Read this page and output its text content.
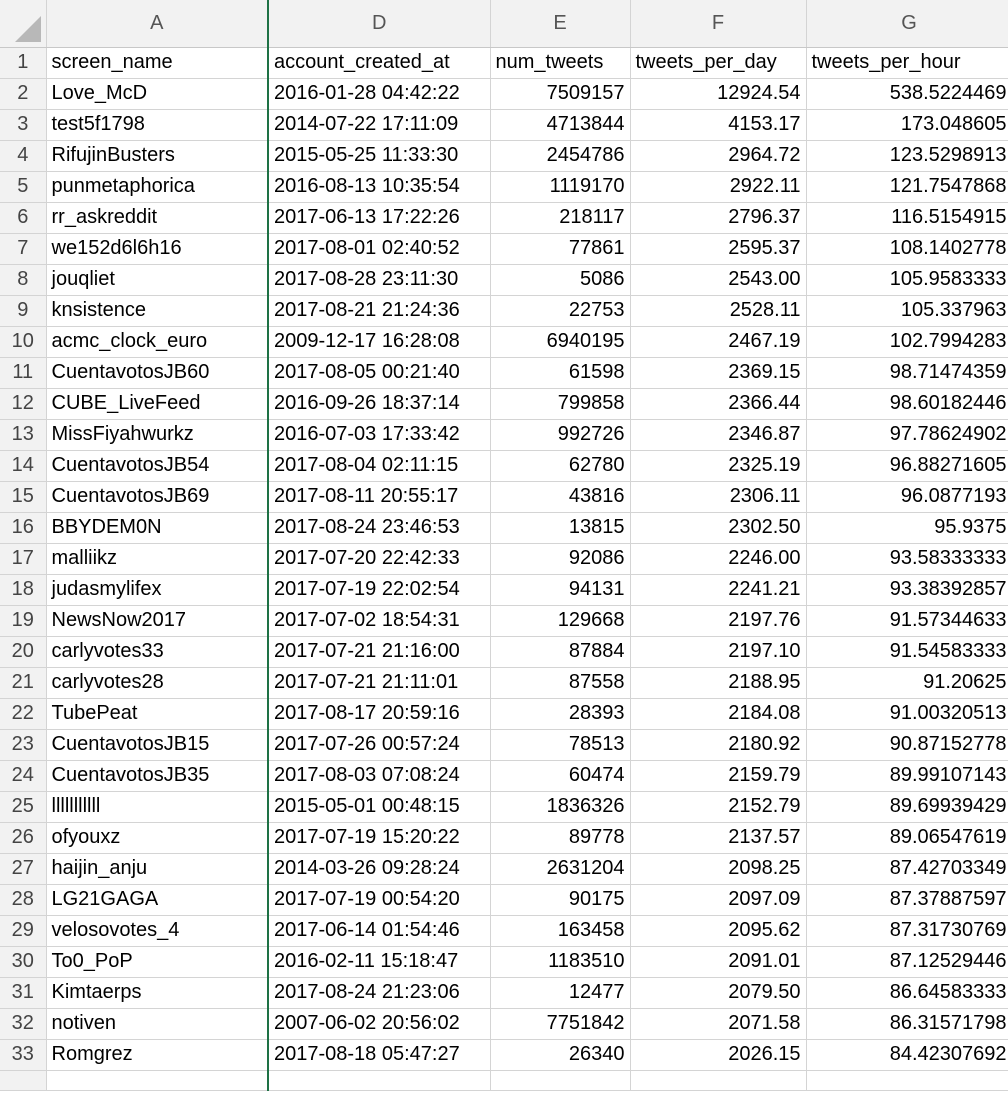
	A	D	E	F	G
1	screen_name	account_created_at	num_tweets	tweets_per_day	tweets_per_hour
2	Love_McD	2016-01-28 04:42:22	7509157	12924.54	538.5224469
3	test5f1798	2014-07-22 17:11:09	4713844	4153.17	173.048605
4	RifujinBusters	2015-05-25 11:33:30	2454786	2964.72	123.5298913
5	punmetaphorica	2016-08-13 10:35:54	1119170	2922.11	121.7547868
6	rr_askreddit	2017-06-13 17:22:26	218117	2796.37	116.5154915
7	we152d6l6h16	2017-08-01 02:40:52	77861	2595.37	108.1402778
8	jouqliet	2017-08-28 23:11:30	5086	2543.00	105.9583333
9	knsistence	2017-08-21 21:24:36	22753	2528.11	105.337963
10	acmc_clock_euro	2009-12-17 16:28:08	6940195	2467.19	102.7994283
11	CuentavotosJB60	2017-08-05 00:21:40	61598	2369.15	98.71474359
12	CUBE_LiveFeed	2016-09-26 18:37:14	799858	2366.44	98.60182446
13	MissFiyahwurkz	2016-07-03 17:33:42	992726	2346.87	97.78624902
14	CuentavotosJB54	2017-08-04 02:11:15	62780	2325.19	96.88271605
15	CuentavotosJB69	2017-08-11 20:55:17	43816	2306.11	96.0877193
16	BBYDEM0N	2017-08-24 23:46:53	13815	2302.50	95.9375
17	malliikz	2017-07-20 22:42:33	92086	2246.00	93.58333333
18	judasmylifex	2017-07-19 22:02:54	94131	2241.21	93.38392857
19	NewsNow2017	2017-07-02 18:54:31	129668	2197.76	91.57344633
20	carlyvotes33	2017-07-21 21:16:00	87884	2197.10	91.54583333
21	carlyvotes28	2017-07-21 21:11:01	87558	2188.95	91.20625
22	TubePeat	2017-08-17 20:59:16	28393	2184.08	91.00320513
23	CuentavotosJB15	2017-07-26 00:57:24	78513	2180.92	90.87152778
24	CuentavotosJB35	2017-08-03 07:08:24	60474	2159.79	89.99107143
25	lllllllllll	2015-05-01 00:48:15	1836326	2152.79	89.69939429
26	ofyouxz	2017-07-19 15:20:22	89778	2137.57	89.06547619
27	haijin_anju	2014-03-26 09:28:24	2631204	2098.25	87.42703349
28	LG21GAGA	2017-07-19 00:54:20	90175	2097.09	87.37887597
29	velosovotes_4	2017-06-14 01:54:46	163458	2095.62	87.31730769
30	To0_PoP	2016-02-11 15:18:47	1183510	2091.01	87.12529446
31	Kimtaerps	2017-08-24 21:23:06	12477	2079.50	86.64583333
32	notiven	2007-06-02 20:56:02	7751842	2071.58	86.31571798
33	Romgrez	2017-08-18 05:47:27	26340	2026.15	84.42307692
